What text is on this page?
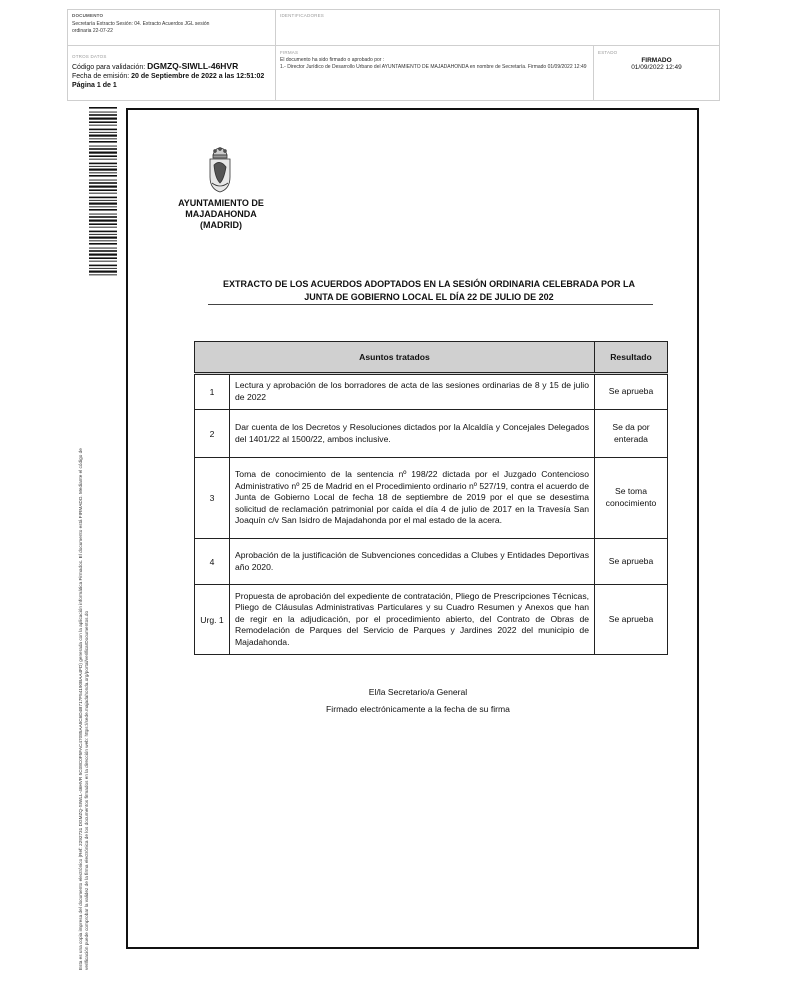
DOCUMENTO
Secretaría Extracto Sesión: 04. Extracto Acuerdos JGL sesión ordinaria 22-07-22
IDENTIFICADORES
OTROS DATOS
Código para validación: DGMZQ-SIWLL-46HVR
Fecha de emisión: 20 de Septiembre de 2022 a las 12:51:02
Página 1 de 1
FIRMAS
El documento ha sido firmado o aprobado por :
1.- Director Jurídico de Desarrollo Urbano del AYUNTAMIENTO DE MAJADAHONDA en nombre de Secretaría. Firmado 01/09/2022 12:49
ESTADO
FIRMADO
01/09/2022 12:49
Esta es una copia impresa del documento electrónico (Ref: 2292731 DGMZQ-SIWLL-46HVR 5C08C0F5FAC47085AA5C6D4B717F54190BAA4FD) generada con la aplicación informática Firmadoc. El documento está FIRMADO. Mediante el código de verificación puede comprobar la validez de la firma electrónica de los documentos firmados en la dirección web: https://sede.majadahonda.org/portal/verificarDocumentos.do
AYUNTAMIENTO DE
MAJADAHONDA
(MADRID)
EXTRACTO DE LOS ACUERDOS ADOPTADOS EN LA SESIÓN ORDINARIA CELEBRADA POR LA
JUNTA DE GOBIERNO LOCAL EL DÍA 22 DE JULIO DE 202
Asuntos tratados		Resultado
1	Lectura y aprobación de los borradores de acta de las sesiones ordinarias de 8 y 15 de julio de 2022	Se aprueba
2	Dar cuenta de los Decretos y Resoluciones dictados por la Alcaldía y Concejales Delegados del 1401/22 al 1500/22, ambos inclusive.	Se da por enterada
3	Toma de conocimiento de la sentencia nº 198/22 dictada por el Juzgado Contencioso Administrativo nº 25 de Madrid en el Procedimiento ordinario nº 527/19, contra el acuerdo de Junta de Gobierno Local de fecha 18 de septiembre de 2019 por el que se desestima solicitud de reclamación patrimonial por caída el día 4 de julio de 2017 en la Travesía San Joaquín c/v San Isidro de Majadahonda por el mal estado de la acera.	Se toma conocimiento
4	Aprobación de la justificación de Subvenciones concedidas a Clubes y Entidades Deportivas año 2020.	Se aprueba
Urg. 1	Propuesta de aprobación del expediente de contratación, Pliego de Prescripciones Técnicas, Pliego de Cláusulas Administrativas Particulares y su Cuadro Resumen y Anexos que han de regir en la adjudicación, por el procedimiento abierto, del Contrato de Obras de Remodelación de Parques del Servicio de Parques y Jardines 2022 del municipio de Majadahonda.	Se aprueba
El/la Secretario/a General
Firmado electrónicamente a la fecha de su firma
